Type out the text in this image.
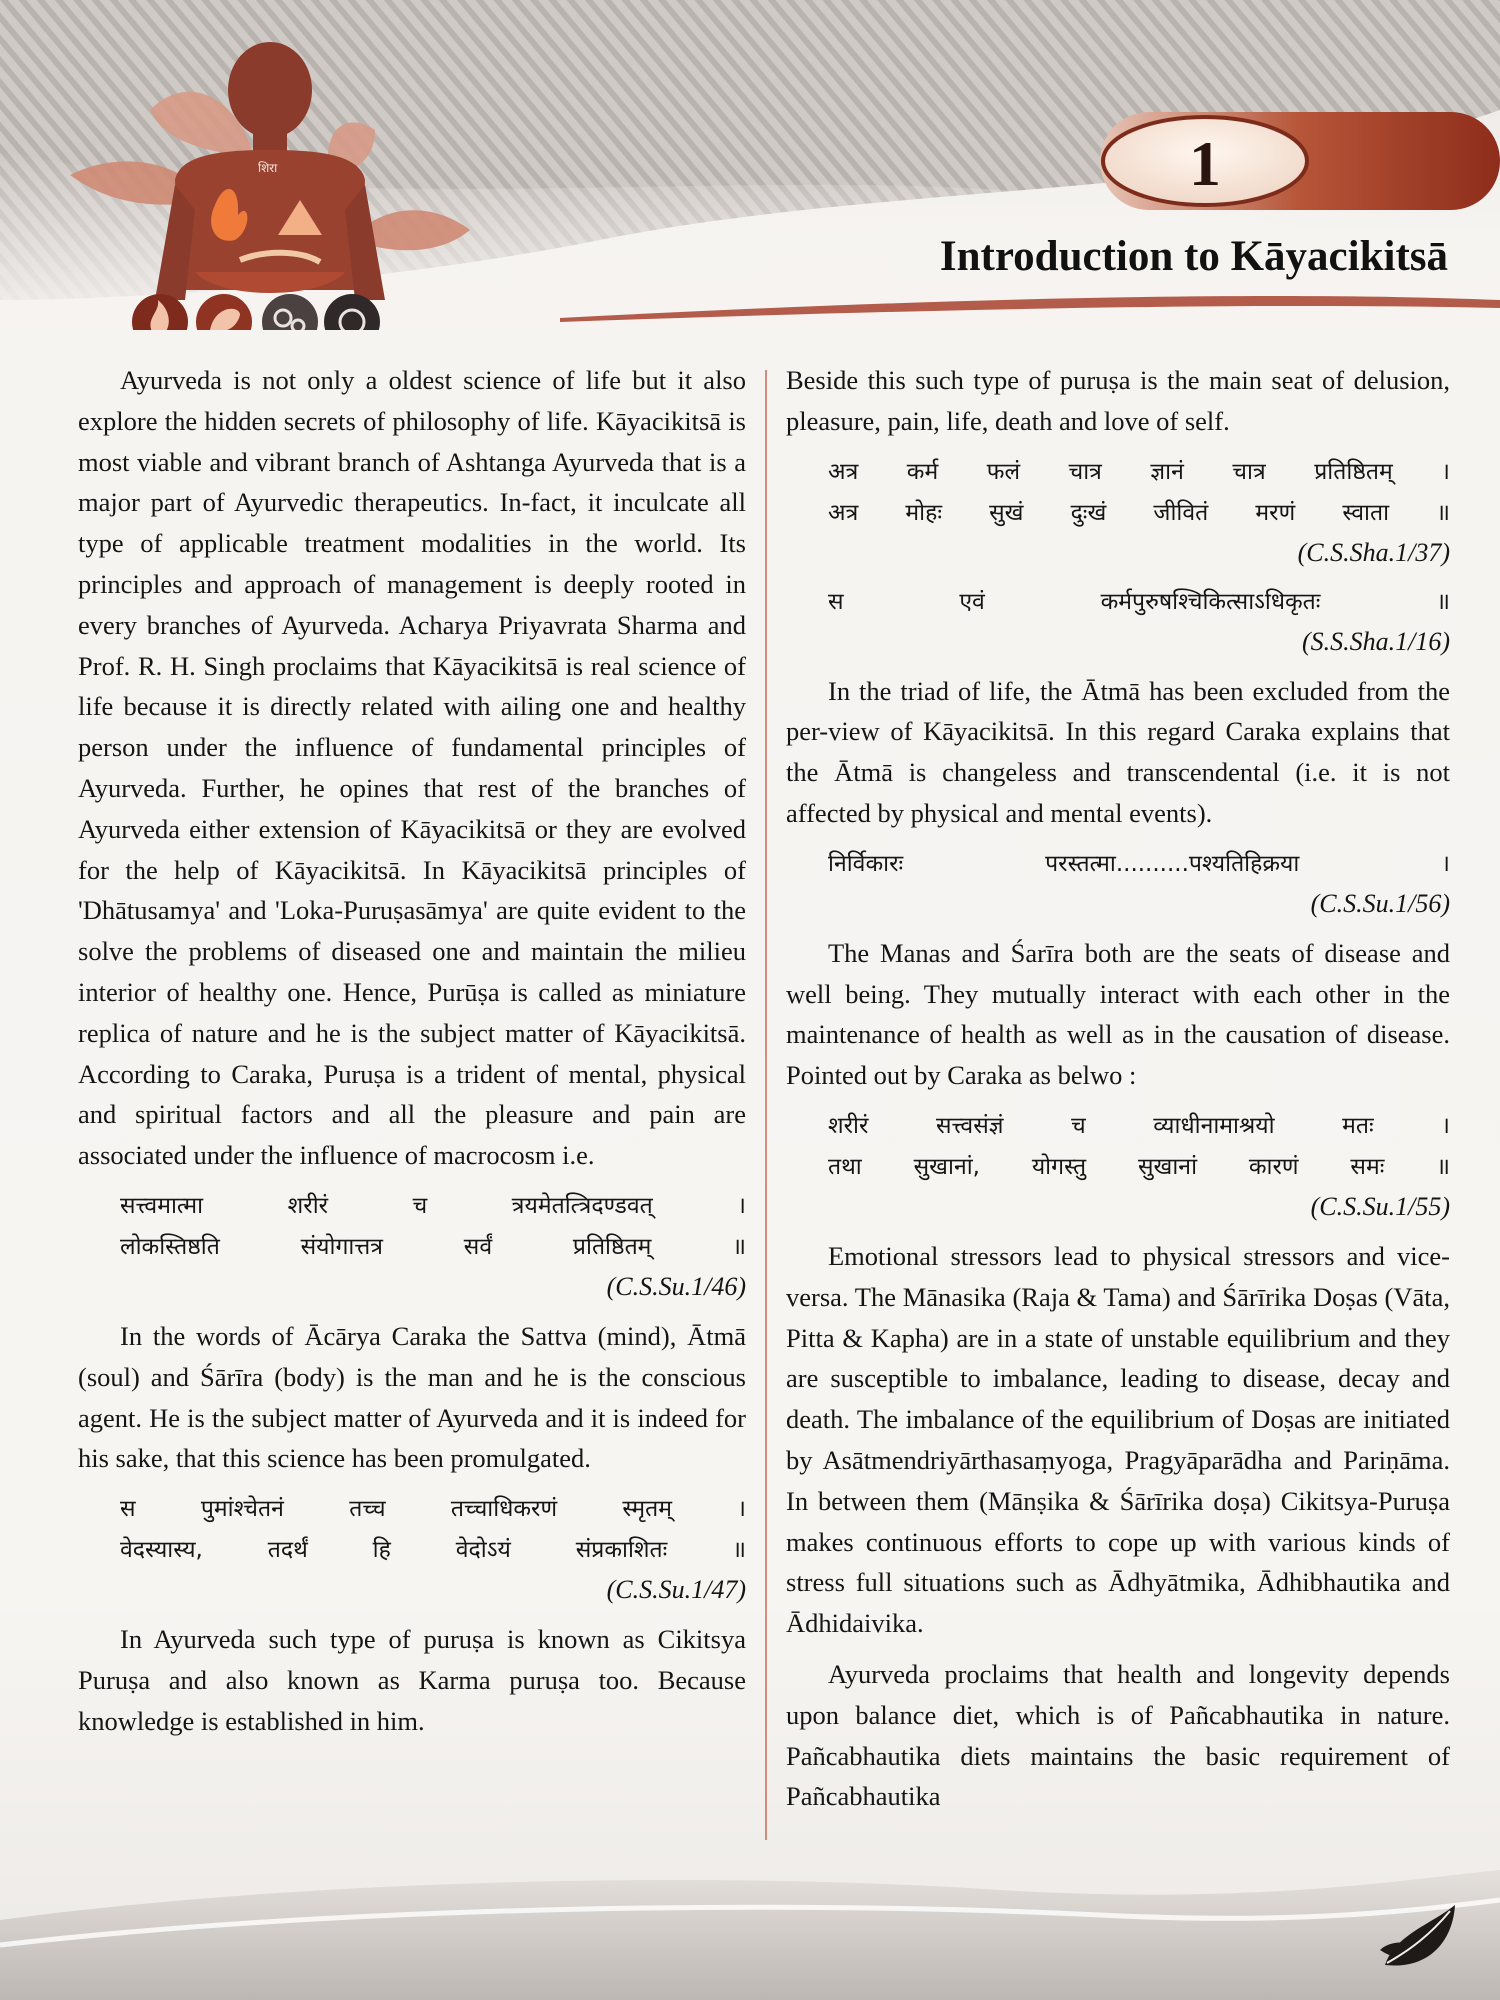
शिरा	1
Introduction to Kāyacikitsā

Ayurveda is not only a oldest science of life but it also explore the hidden secrets of philosophy of life. Kāyacikitsā is most viable and vibrant branch of Ashtanga Ayurveda that is a major part of Ayurvedic therapeutics. In-fact, it inculcate all type of applicable treatment modalities in the world. Its principles and approach of management is deeply rooted in every branches of Ayurveda. Acharya Priyavrata Sharma and Prof. R. H. Singh proclaims that Kāyacikitsā is real science of life because it is directly related with ailing one and healthy person under the influence of fundamental principles of Ayurveda. Further, he opines that rest of the branches of Ayurveda either extension of Kāyacikitsā or they are evolved for the help of Kāyacikitsā. In Kāyacikitsā principles of 'Dhātusamya' and 'Loka-Puruṣasāmya' are quite evident to the solve the problems of diseased one and maintain the milieu interior of healthy one. Hence, Purūṣa is called as miniature replica of nature and he is the subject matter of Kāyacikitsā. According to Caraka, Puruṣa is a trident of mental, physical and spiritual factors and all the pleasure and pain are associated under the influence of macrocosm i.e.

सत्त्वमात्मा शरीरं च त्रयमेतत्त्रिदण्डवत् ।
लोकस्तिष्ठति संयोगात्तत्र सर्वं प्रतिष्ठितम् ॥
(C.S.Su.1/46)

In the words of Ācārya Caraka the Sattva (mind), Ātmā (soul) and Śārīra (body) is the man and he is the conscious agent. He is the subject matter of Ayurveda and it is indeed for his sake, that this science has been promulgated.

स पुमांश्चेतनं तच्च तच्चाधिकरणं स्मृतम् ।
वेदस्यास्य, तदर्थं हि वेदोऽयं संप्रकाशितः ॥
(C.S.Su.1/47)

In Ayurveda such type of puruṣa is known as Cikitsya Puruṣa and also known as Karma puruṣa too. Because knowledge is established in him.

Beside this such type of puruṣa is the main seat of delusion, pleasure, pain, life, death and love of self.

अत्र कर्म फलं चात्र ज्ञानं चात्र प्रतिष्ठितम् ।
अत्र मोहः सुखं दुःखं जीवितं मरणं स्वाता ॥
(C.S.Sha.1/37)
स एवं कर्मपुरुषश्चिकित्साऽधिकृतः ॥
(S.S.Sha.1/16)

In the triad of life, the Ātmā has been excluded from the per-view of Kāyacikitsā. In this regard Caraka explains that the Ātmā is changeless and transcendental (i.e. it is not affected by physical and mental events).

निर्विकारः परस्तत्मा..........पश्यतिहिक्रया ।
(C.S.Su.1/56)

The Manas and Śarīra both are the seats of disease and well being. They mutually interact with each other in the maintenance of health as well as in the causation of disease. Pointed out by Caraka as belwo :

शरीरं सत्त्वसंज्ञं च व्याधीनामाश्रयो मतः ।
तथा सुखानां, योगस्तु सुखानां कारणं समः ॥
(C.S.Su.1/55)

Emotional stressors lead to physical stressors and vice-versa. The Mānasika (Raja & Tama) and Śārīrika Doṣas (Vāta, Pitta & Kapha) are in a state of unstable equilibrium and they are susceptible to imbalance, leading to disease, decay and death. The imbalance of the equilibrium of Doṣas are initiated by Asātmendriyārthasaṃyoga, Pragyāparādha and Pariṇāma. In between them (Mānṣika & Śārīrika doṣa) Cikitsya-Puruṣa makes continuous efforts to cope up with various kinds of stress full situations such as Ādhyātmika, Ādhibhautika and Ādhidaivika.

Ayurveda proclaims that health and longevity depends upon balance diet, which is of Pañcabhautika in nature. Pañcabhautika diets maintains the basic requirement of Pañcabhautika
